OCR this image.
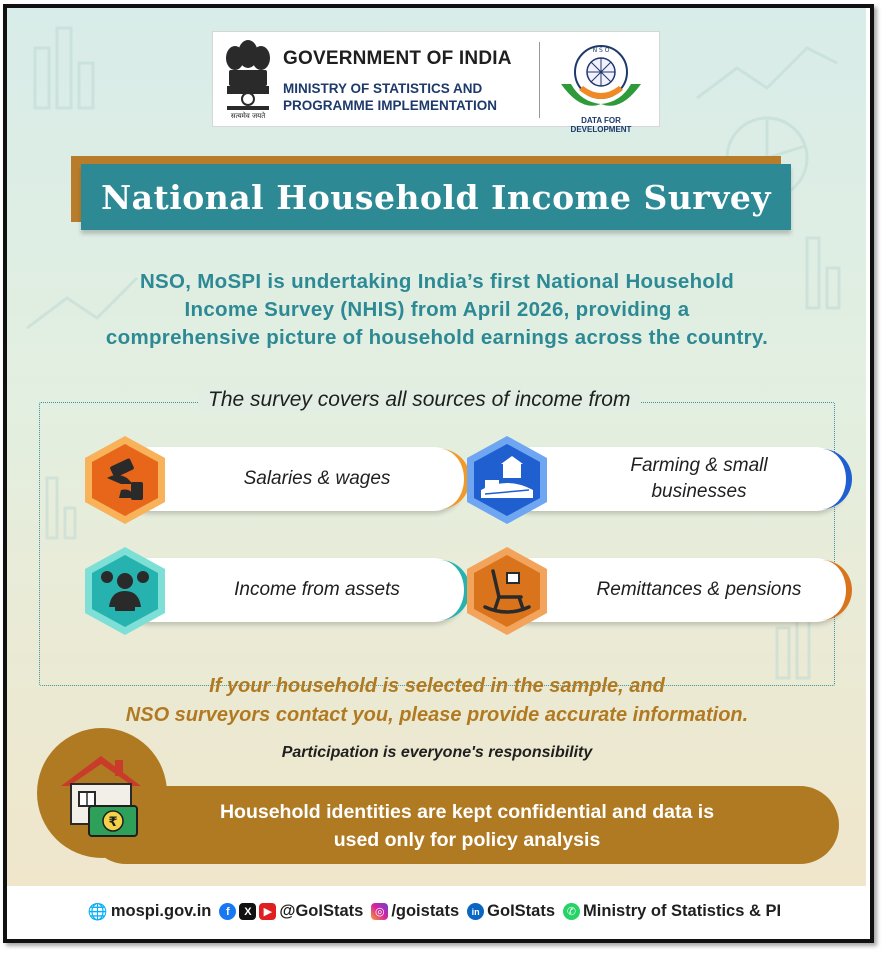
सत्यमेव जयते
GOVERNMENT OF INDIA
MINISTRY OF STATISTICS AND
PROGRAMME IMPLEMENTATION
N S O
DATA FOR DEVELOPMENT
National Household Income Survey
NSO, MoSPI is undertaking India’s first National Household
Income Survey (NHIS) from April 2026, providing a
comprehensive picture of household earnings across the country.
The survey covers all sources of income from
Salaries & wages
Farming & small
businesses
Income from assets	Remittances & pensions
If your household is selected in the sample, and
NSO surveyors contact you, please provide accurate information.
Participation is everyone's responsibility
Household identities are kept confidential and data is
used only for policy analysis
₹
🌐 mospi.gov.in	f	X	▶ @GoIStats	◎ /goistats	in GoIStats	✆ Ministry of Statistics & PI
